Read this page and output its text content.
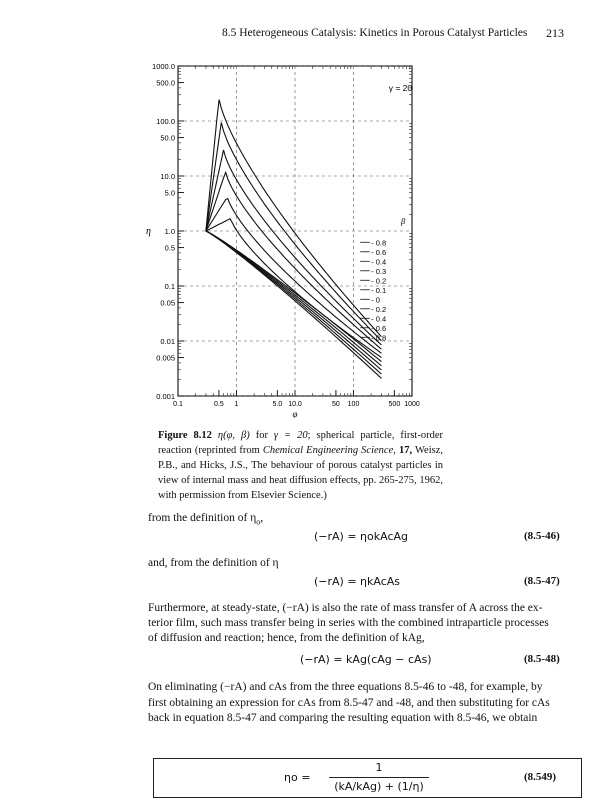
8.5 Heterogeneous Catalysis: Kinetics in Porous Catalyst Particles 213
1000.0
500.0
100.0
50.0
10.0
5.0
1.0
0.5
0.1
0.05
0.01
0.005
0.001
0.1	0.5 1	5.0 10.0	50 100	500 1000
φ
η
γ = 20
β
- 0.8
- 0.6
- 0.4
- 0.3
- 0.2
- 0.1
- 0
- 0.2
- 0.4
- 0.6
- 0.8
Figure 8.12 η(φ, β) for γ = 20; spherical particle, first-order reaction (reprinted from Chemical Engineering Science, 17, Weisz, P.B., and Hicks, J.S., The behaviour of porous catalyst particles in view of internal mass and heat diffusion effects, pp. 265-275, 1962, with permission from Elsevier Science.)
from the definition of $\eta_o$,
(−rA) = ηokAcAg	(8.5-46)
and, from the definition of η
(−rA) = ηkAcAs	(8.5-47)
Furthermore, at steady-state, (−rA) is also the rate of mass transfer of A across the ex-
terior film, such mass transfer being in series with the combined intraparticle processes
of diffusion and reaction; hence, from the definition of kAg,
(−rA) = kAg(cAg − cAs)	(8.5-48)
On eliminating (−rA) and cAs from the three equations 8.5-46 to -48, for example, by
first obtaining an expression for cAs from 8.5-47 and -48, and then substituting for cAs
back in equation 8.5-47 and comparing the resulting equation with 8.5-46, we obtain
ηo =
1
(kA/kAg) + (1/η)
(8.549)
